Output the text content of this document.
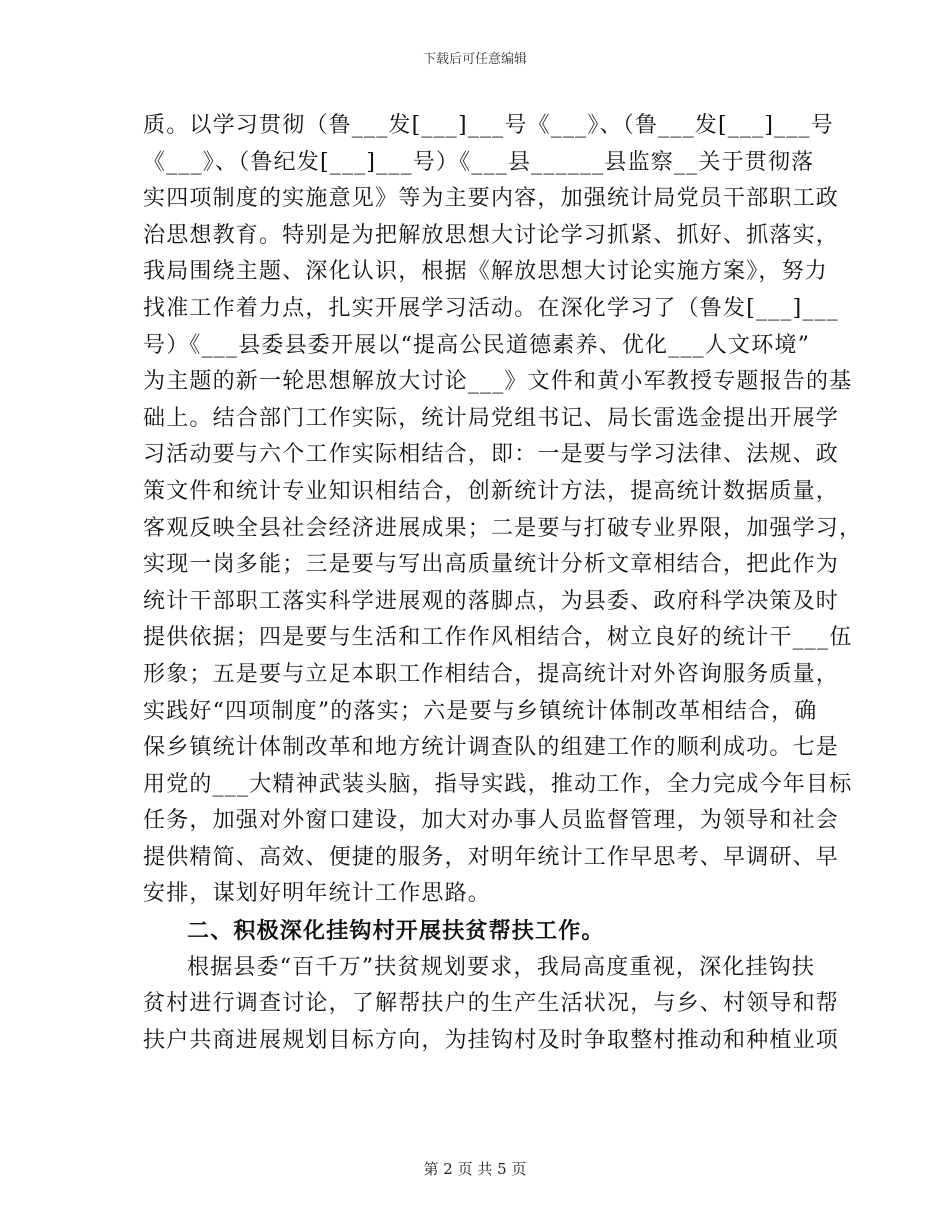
下载后可任意编辑
质。以学习贯彻（鲁___发[___]___号《___》、（鲁___发[___]___号
《___》、（鲁纪发[___]___号）《___县______县监察__关于贯彻落
实四项制度的实施意见》等为主要内容，加强统计局党员干部职工政
治思想教育。特别是为把解放思想大讨论学习抓紧、抓好、抓落实，
我局围绕主题、深化认识，根据《解放思想大讨论实施方案》，努力
找准工作着力点，扎实开展学习活动。在深化学习了（鲁发[___]___
号）《___县委县委开展以“提高公民道德素养、优化___人文环境”
为主题的新一轮思想解放大讨论___》文件和黄小军教授专题报告的基
础上。结合部门工作实际，统计局党组书记、局长雷选金提出开展学
习活动要与六个工作实际相结合，即：一是要与学习法律、法规、政
策文件和统计专业知识相结合，创新统计方法，提高统计数据质量，
客观反映全县社会经济进展成果；二是要与打破专业界限，加强学习，
实现一岗多能；三是要与写出高质量统计分析文章相结合，把此作为
统计干部职工落实科学进展观的落脚点，为县委、政府科学决策及时
提供依据；四是要与生活和工作作风相结合，树立良好的统计干___伍
形象；五是要与立足本职工作相结合，提高统计对外咨询服务质量，
实践好“四项制度”的落实；六是要与乡镇统计体制改革相结合，确
保乡镇统计体制改革和地方统计调查队的组建工作的顺利成功。七是
用党的___大精神武装头脑，指导实践，推动工作，全力完成今年目标
任务，加强对外窗口建设，加大对办事人员监督管理，为领导和社会
提供精简、高效、便捷的服务，对明年统计工作早思考、早调研、早
安排，谋划好明年统计工作思路。
二、积极深化挂钩村开展扶贫帮扶工作。
根据县委“百千万”扶贫规划要求，我局高度重视，深化挂钩扶
贫村进行调查讨论，了解帮扶户的生产生活状况，与乡、村领导和帮
扶户共商进展规划目标方向，为挂钩村及时争取整村推动和种植业项
第 2 页 共 5 页
